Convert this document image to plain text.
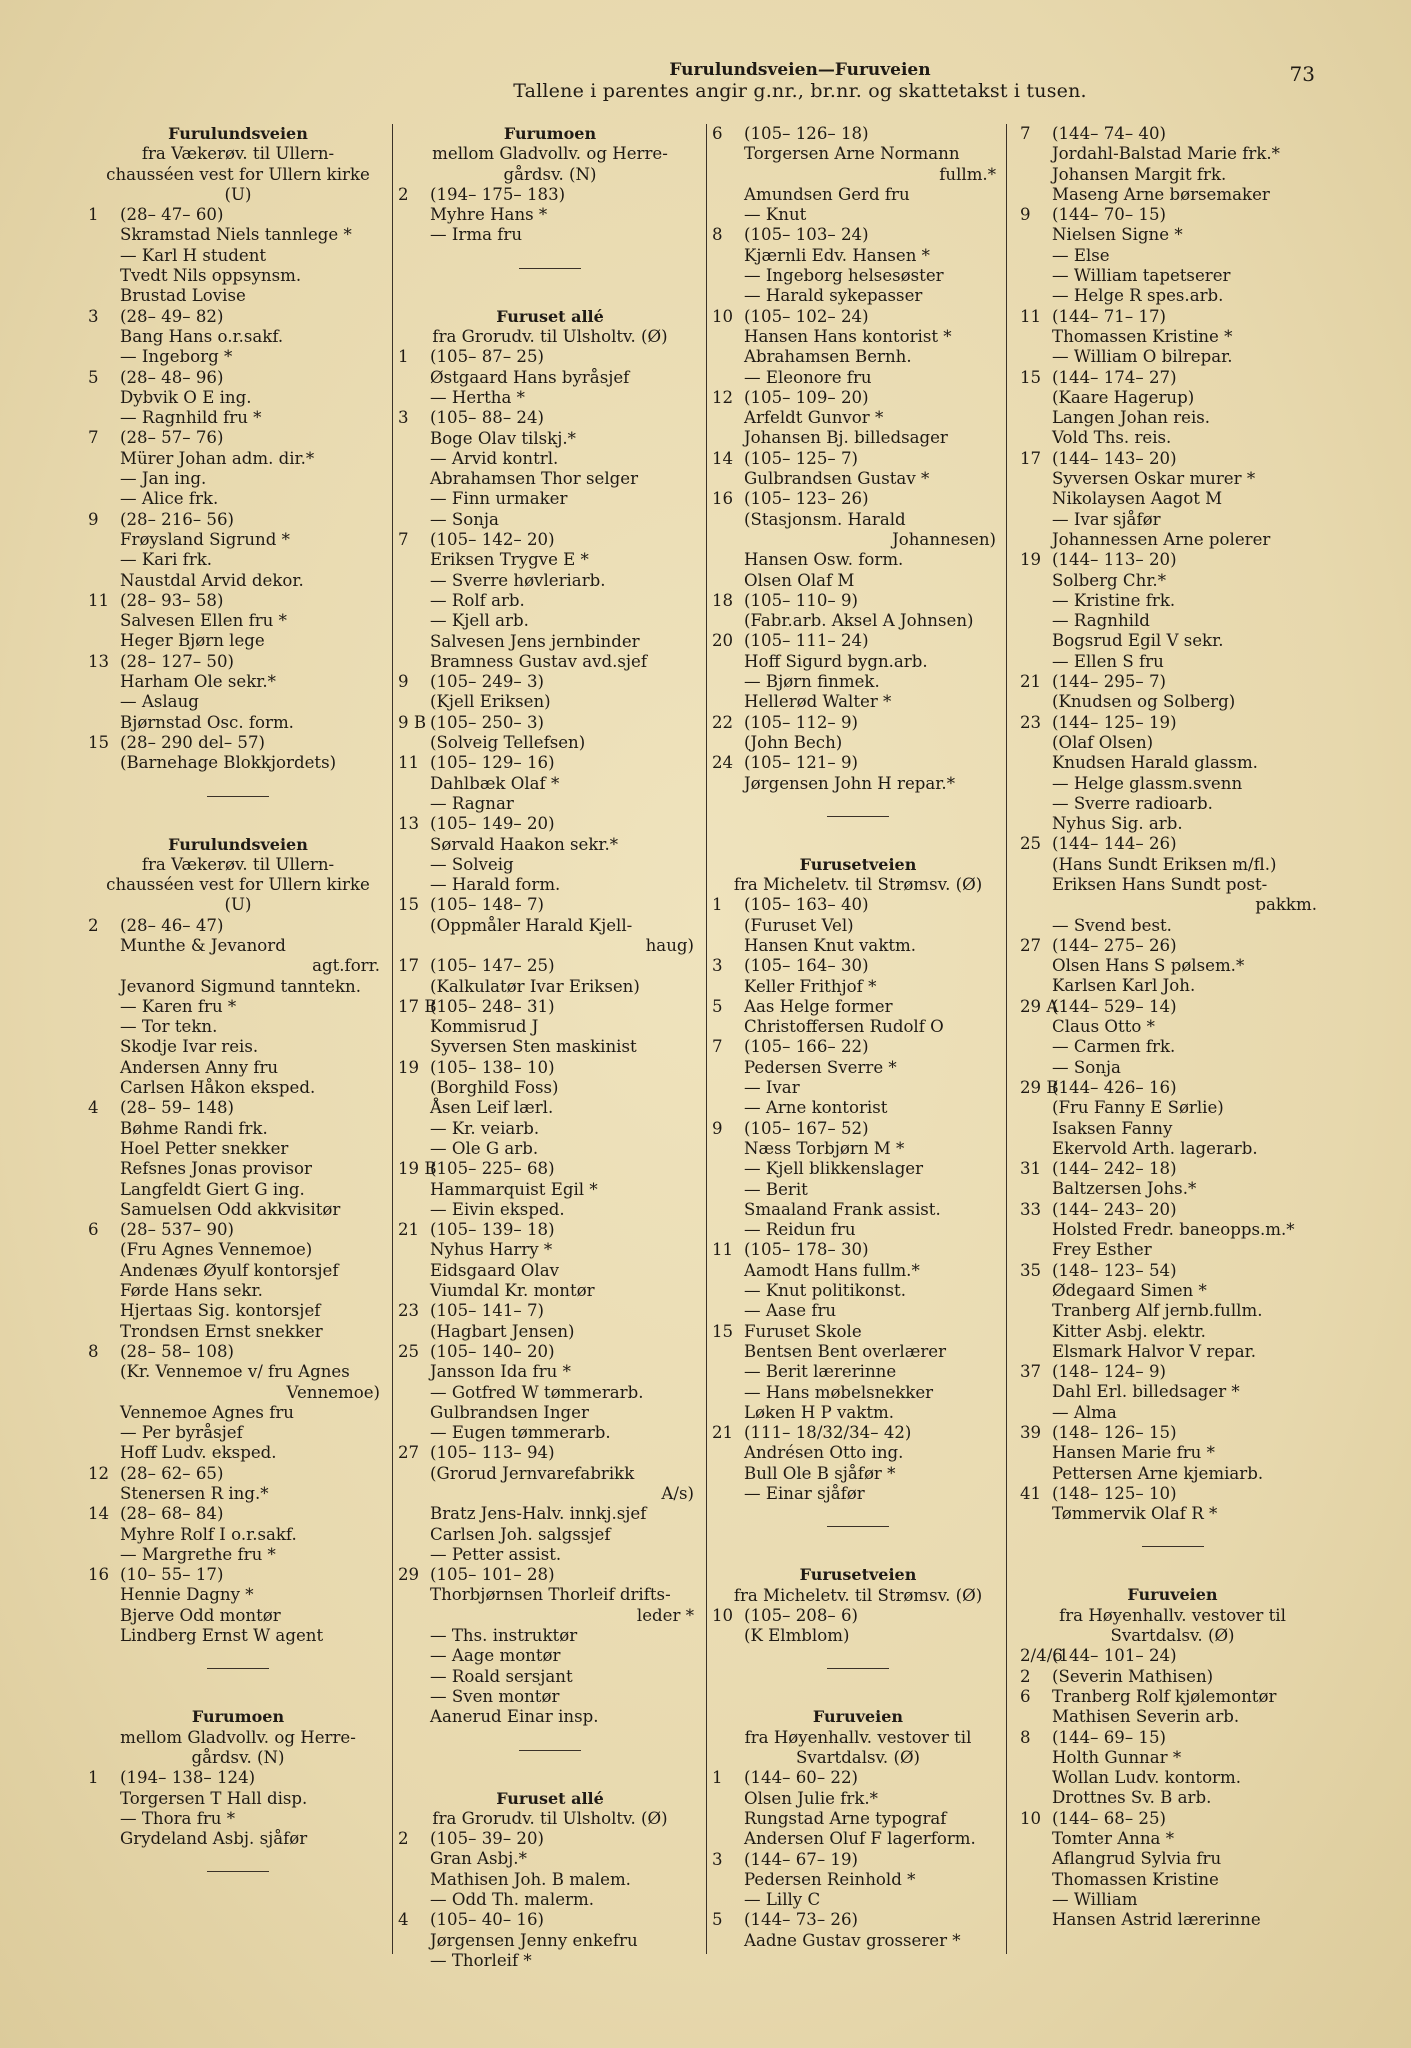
Furulundsveien—Furuveien
Tallene i parentes angir g.nr., br.nr. og skattetakst i tusen.
73
Furulundsveien
fra Vækerøv. til Ullern-
chausséen vest for Ullern kirke
(U)
1 (28– 47– 60)
Skramstad Niels tannlege *
— Karl H student
Tvedt Nils oppsynsm.
Brustad Lovise
3 (28– 49– 82)
Bang Hans o.r.sakf.
— Ingeborg *
5 (28– 48– 96)
Dybvik O E ing.
— Ragnhild fru *
7 (28– 57– 76)
Mürer Johan adm. dir.*
— Jan ing.
— Alice frk.
9 (28– 216– 56)
Frøysland Sigrund *
— Kari frk.
Naustdal Arvid dekor.
11 (28– 93– 58)
Salvesen Ellen fru *
Heger Bjørn lege
13 (28– 127– 50)
Harham Ole sekr.*
— Aslaug
Bjørnstad Osc. form.
15 (28– 290 del– 57)
(Barnehage Blokkjordets)
Furulundsveien
fra Vækerøv. til Ullern-
chausséen vest for Ullern kirke
(U)
2 (28– 46– 47)
Munthe & Jevanord
agt.forr.
Jevanord Sigmund tanntekn.
— Karen fru *
— Tor tekn.
Skodje Ivar reis.
Andersen Anny fru
Carlsen Håkon eksped.
4 (28– 59– 148)
Bøhme Randi frk.
Hoel Petter snekker
Refsnes Jonas provisor
Langfeldt Giert G ing.
Samuelsen Odd akkvisitør
6 (28– 537– 90)
(Fru Agnes Vennemoe)
Andenæs Øyulf kontorsjef
Førde Hans sekr.
Hjertaas Sig. kontorsjef
Trondsen Ernst snekker
8 (28– 58– 108)
(Kr. Vennemoe v/ fru Agnes
Vennemoe)
Vennemoe Agnes fru
— Per byråsjef
Hoff Ludv. eksped.
12 (28– 62– 65)
Stenersen R ing.*
14 (28– 68– 84)
Myhre Rolf I o.r.sakf.
— Margrethe fru *
16 (10– 55– 17)
Hennie Dagny *
Bjerve Odd montør
Lindberg Ernst W agent
Furumoen
mellom Gladvollv. og Herre-
gårdsv. (N)
1 (194– 138– 124)
Torgersen T Hall disp.
— Thora fru *
Grydeland Asbj. sjåfør
Furumoen
mellom Gladvollv. og Herre-
gårdsv. (N)
2 (194– 175– 183)
Myhre Hans *
— Irma fru
Furuset allé
fra Grorudv. til Ulsholtv. (Ø)
1 (105– 87– 25)
Østgaard Hans byråsjef
— Hertha *
3 (105– 88– 24)
Boge Olav tilskj.*
— Arvid kontrl.
Abrahamsen Thor selger
— Finn urmaker
— Sonja
7 (105– 142– 20)
Eriksen Trygve E *
— Sverre høvleriarb.
— Rolf arb.
— Kjell arb.
Salvesen Jens jernbinder
Bramness Gustav avd.sjef
9 (105– 249– 3)
(Kjell Eriksen)
9 B (105– 250– 3)
(Solveig Tellefsen)
11 (105– 129– 16)
Dahlbæk Olaf *
— Ragnar
13 (105– 149– 20)
Sørvald Haakon sekr.*
— Solveig
— Harald form.
15 (105– 148– 7)
(Oppmåler Harald Kjell-
haug)
17 (105– 147– 25)
(Kalkulatør Ivar Eriksen)
17 B(105– 248– 31)
Kommisrud J
Syversen Sten maskinist
19 (105– 138– 10)
(Borghild Foss)
Åsen Leif lærl.
— Kr. veiarb.
— Ole G arb.
19 B(105– 225– 68)
Hammarquist Egil *
— Eivin eksped.
21 (105– 139– 18)
Nyhus Harry *
Eidsgaard Olav
Viumdal Kr. montør
23 (105– 141– 7)
(Hagbart Jensen)
25 (105– 140– 20)
Jansson Ida fru *
— Gotfred W tømmerarb.
Gulbrandsen Inger
— Eugen tømmerarb.
27 (105– 113– 94)
(Grorud Jernvarefabrikk
A/s)
Bratz Jens-Halv. innkj.sjef
Carlsen Joh. salgssjef
— Petter assist.
29 (105– 101– 28)
Thorbjørnsen Thorleif drifts-
leder *
— Ths. instruktør
— Aage montør
— Roald sersjant
— Sven montør
Aanerud Einar insp.
Furuset allé
fra Grorudv. til Ulsholtv. (Ø)
2 (105– 39– 20)
Gran Asbj.*
Mathisen Joh. B malem.
— Odd Th. malerm.
4 (105– 40– 16)
Jørgensen Jenny enkefru
— Thorleif *
6 (105– 126– 18)
Torgersen Arne Normann
fullm.*
Amundsen Gerd fru
— Knut
8 (105– 103– 24)
Kjærnli Edv. Hansen *
— Ingeborg helsesøster
— Harald sykepasser
10 (105– 102– 24)
Hansen Hans kontorist *
Abrahamsen Bernh.
— Eleonore fru
12 (105– 109– 20)
Arfeldt Gunvor *
Johansen Bj. billedsager
14 (105– 125– 7)
Gulbrandsen Gustav *
16 (105– 123– 26)
(Stasjonsm. Harald
Johannesen)
Hansen Osw. form.
Olsen Olaf M
18 (105– 110– 9)
(Fabr.arb. Aksel A Johnsen)
20 (105– 111– 24)
Hoff Sigurd bygn.arb.
— Bjørn finmek.
Hellerød Walter *
22 (105– 112– 9)
(John Bech)
24 (105– 121– 9)
Jørgensen John H repar.*
Furusetveien
fra Micheletv. til Strømsv. (Ø)
1 (105– 163– 40)
(Furuset Vel)
Hansen Knut vaktm.
3 (105– 164– 30)
Keller Frithjof *
5 Aas Helge former
Christoffersen Rudolf O
7 (105– 166– 22)
Pedersen Sverre *
— Ivar
— Arne kontorist
9 (105– 167– 52)
Næss Torbjørn M *
— Kjell blikkenslager
— Berit
Smaaland Frank assist.
— Reidun fru
11 (105– 178– 30)
Aamodt Hans fullm.*
— Knut politikonst.
— Aase fru
15 Furuset Skole
Bentsen Bent overlærer
— Berit lærerinne
— Hans møbelsnekker
Løken H P vaktm.
21 (111– 18/32/34– 42)
Andrésen Otto ing.
Bull Ole B sjåfør *
— Einar sjåfør
Furusetveien
fra Micheletv. til Strømsv. (Ø)
10 (105– 208– 6)
(K Elmblom)
Furuveien
fra Høyenhallv. vestover til
Svartdalsv. (Ø)
1 (144– 60– 22)
Olsen Julie frk.*
Rungstad Arne typograf
Andersen Oluf F lagerform.
3 (144– 67– 19)
Pedersen Reinhold *
— Lilly C
5 (144– 73– 26)
Aadne Gustav grosserer *
7 (144– 74– 40)
Jordahl-Balstad Marie frk.*
Johansen Margit frk.
Maseng Arne børsemaker
9 (144– 70– 15)
Nielsen Signe *
— Else
— William tapetserer
— Helge R spes.arb.
11 (144– 71– 17)
Thomassen Kristine *
— William O bilrepar.
15 (144– 174– 27)
(Kaare Hagerup)
Langen Johan reis.
Vold Ths. reis.
17 (144– 143– 20)
Syversen Oskar murer *
Nikolaysen Aagot M
— Ivar sjåfør
Johannessen Arne polerer
19 (144– 113– 20)
Solberg Chr.*
— Kristine frk.
— Ragnhild
Bogsrud Egil V sekr.
— Ellen S fru
21 (144– 295– 7)
(Knudsen og Solberg)
23 (144– 125– 19)
(Olaf Olsen)
Knudsen Harald glassm.
— Helge glassm.svenn
— Sverre radioarb.
Nyhus Sig. arb.
25 (144– 144– 26)
(Hans Sundt Eriksen m/fl.)
Eriksen Hans Sundt post-
pakkm.
— Svend best.
27 (144– 275– 26)
Olsen Hans S pølsem.*
Karlsen Karl Joh.
29 A(144– 529– 14)
Claus Otto *
— Carmen frk.
— Sonja
29 B(144– 426– 16)
(Fru Fanny E Sørlie)
Isaksen Fanny
Ekervold Arth. lagerarb.
31 (144– 242– 18)
Baltzersen Johs.*
33 (144– 243– 20)
Holsted Fredr. baneopps.m.*
Frey Esther
35 (148– 123– 54)
Ødegaard Simen *
Tranberg Alf jernb.fullm.
Kitter Asbj. elektr.
Elsmark Halvor V repar.
37 (148– 124– 9)
Dahl Erl. billedsager *
— Alma
39 (148– 126– 15)
Hansen Marie fru *
Pettersen Arne kjemiarb.
41 (148– 125– 10)
Tømmervik Olaf R *
Furuveien
fra Høyenhallv. vestover til
Svartdalsv. (Ø)
2/4/6(144– 101– 24)
2 (Severin Mathisen)
6 Tranberg Rolf kjølemontør
Mathisen Severin arb.
8 (144– 69– 15)
Holth Gunnar *
Wollan Ludv. kontorm.
Drottnes Sv. B arb.
10 (144– 68– 25)
Tomter Anna *
Aflangrud Sylvia fru
Thomassen Kristine
— William
Hansen Astrid lærerinne
